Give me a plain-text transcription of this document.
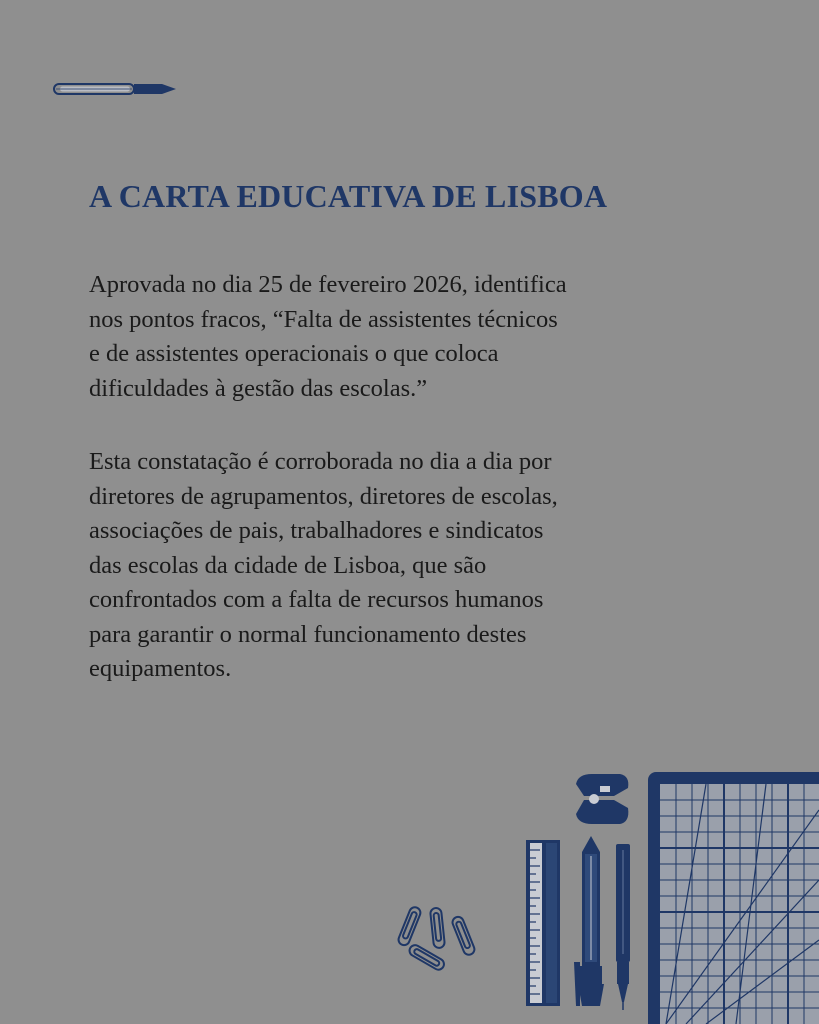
A CARTA EDUCATIVA DE LISBOA

Aprovada no dia 25 de fevereiro 2026, identifica
nos pontos fracos, “Falta de assistentes técnicos
e de assistentes operacionais o que coloca
dificuldades à gestão das escolas.”

Esta constatação é corroborada no dia a dia por
diretores de agrupamentos, diretores de escolas,
associações de pais, trabalhadores e sindicatos
das escolas da cidade de Lisboa, que são
confrontados com a falta de recursos humanos
para garantir o normal funcionamento destes
equipamentos.
